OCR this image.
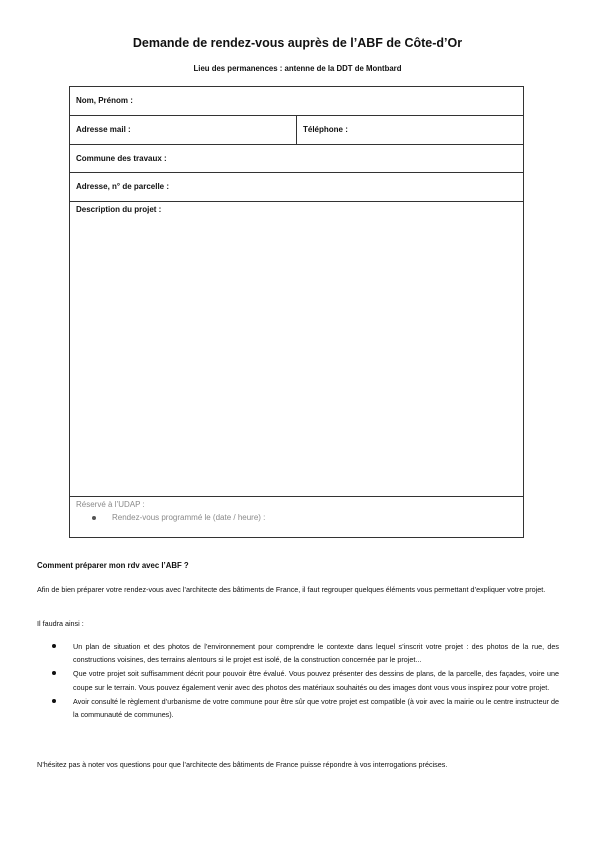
Demande de rendez-vous auprès de l’ABF de Côte-d’Or
Lieu des permanences : antenne de la DDT de Montbard
Nom, Prénom :
Adresse mail :	Téléphone :
Commune des travaux :
Adresse, n° de parcelle :
Description du projet :
Réservé à l’UDAP :
Rendez-vous programmé le (date / heure) :
Comment préparer mon rdv avec l’ABF ?
Afin de bien préparer votre rendez-vous avec l’architecte des bâtiments de France, il faut regrouper quelques éléments vous permettant d’expliquer votre projet.
Il faudra ainsi :
Un plan de situation et des photos de l’environnement pour comprendre le contexte dans lequel s’inscrit votre projet : des photos de la rue, des constructions voisines, des terrains alentours si le projet est isolé, de la construction concernée par le projet...
Que votre projet soit suffisamment décrit pour pouvoir être évalué. Vous pouvez présenter des dessins de plans, de la parcelle, des façades, voire une coupe sur le terrain. Vous pouvez également venir avec des photos des matériaux souhaités ou des images dont vous vous inspirez pour votre projet.
Avoir consulté le règlement d’urbanisme de votre commune pour être sûr que votre projet est compatible (à voir avec la mairie ou le centre instructeur de la communauté de communes).
N’hésitez pas à noter vos questions pour que l’architecte des bâtiments de France puisse répondre à vos interrogations précises.
